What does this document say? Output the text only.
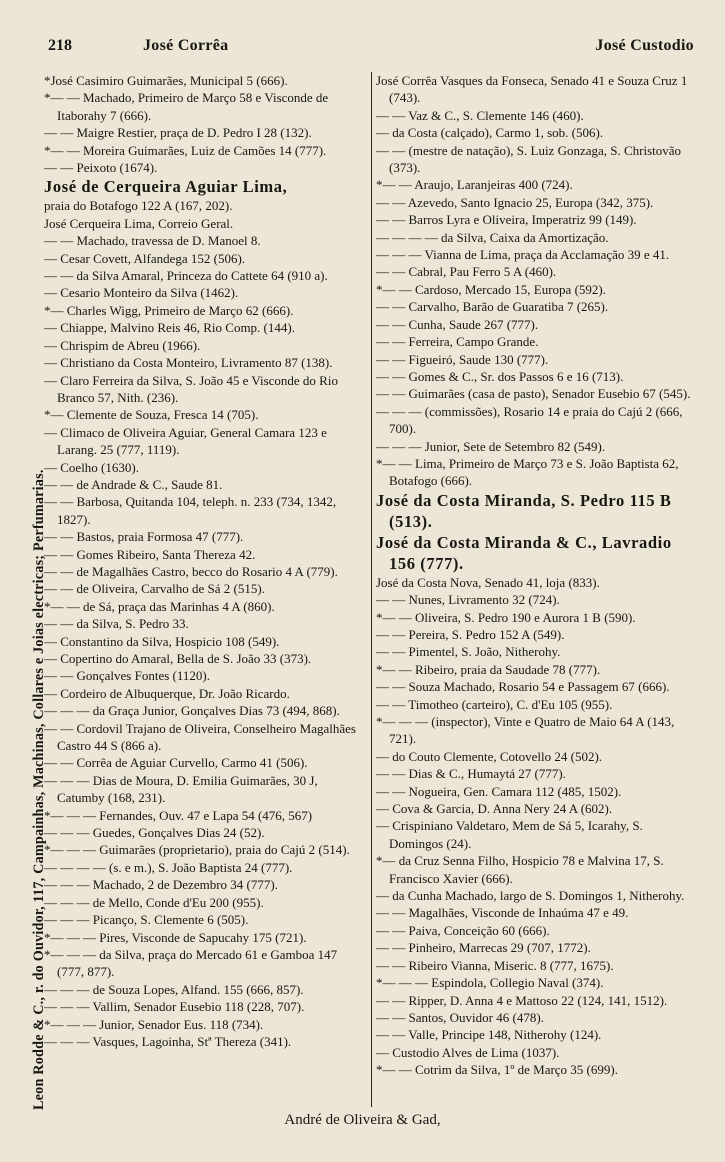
Leon Rodde & C., r. do Ouvidor, 117, Campainhas, Machinas, Collares e Joias electricas; Perfumarias.
218	José Corrêa	José Custodio
*José Casimiro Guimarães, Municipal 5 (666).
*— — Machado, Primeiro de Março 58 e Visconde de Itaborahy 7 (666).
— — Maigre Restier, praça de D. Pedro I 28 (132).
*— — Moreira Guimarães, Luiz de Camões 14 (777).
— — Peixoto (1674).
José de Cerqueira Aguiar Lima,
praia do Botafogo 122 A (167, 202).
José Cerqueira Lima, Correio Geral.
— — Machado, travessa de D. Manoel 8.
— Cesar Covett, Alfandega 152 (506).
— — da Silva Amaral, Princeza do Cattete 64 (910 a).
— Cesario Monteiro da Silva (1462).
*— Charles Wigg, Primeiro de Março 62 (666).
— Chiappe, Malvino Reis 46, Rio Comp. (144).
— Chrispim de Abreu (1966).
— Christiano da Costa Monteiro, Livramento 87 (138).
— Claro Ferreira da Silva, S. João 45 e Visconde do Rio Branco 57, Nith. (236).
*— Clemente de Souza, Fresca 14 (705).
— Climaco de Oliveira Aguiar, General Camara 123 e Larang. 25 (777, 1119).
— Coelho (1630).
— — de Andrade & C., Saude 81.
— — Barbosa, Quitanda 104, teleph. n. 233 (734, 1342, 1827).
— — Bastos, praia Formosa 47 (777).
— — Gomes Ribeiro, Santa Thereza 42.
— — de Magalhães Castro, becco do Rosario 4 A (779).
— — de Oliveira, Carvalho de Sá 2 (515).
*— — de Sá, praça das Marinhas 4 A (860).
— — da Silva, S. Pedro 33.
— Constantino da Silva, Hospicio 108 (549).
— Copertino do Amaral, Bella de S. João 33 (373).
— — Gonçalves Fontes (1120).
— Cordeiro de Albuquerque, Dr. João Ricardo.
— — — da Graça Junior, Gonçalves Dias 73 (494, 868).
— — Cordovil Trajano de Oliveira, Conselheiro Magalhães Castro 44 S (866 a).
— — Corrêa de Aguiar Curvello, Carmo 41 (506).
— — — Dias de Moura, D. Emilia Guimarães, 30 J, Catumby (168, 231).
*— — — Fernandes, Ouv. 47 e Lapa 54 (476, 567)
— — — Guedes, Gonçalves Dias 24 (52).
*— — — Guimarães (proprietario), praia do Cajú 2 (514).
— — — — (s. e m.), S. João Baptista 24 (777).
— — — Machado, 2 de Dezembro 34 (777).
— — — de Mello, Conde d'Eu 200 (955).
— — — Picanço, S. Clemente 6 (505).
*— — — Pires, Visconde de Sapucahy 175 (721).
*— — — da Silva, praça do Mercado 61 e Gamboa 147 (777, 877).
— — — de Souza Lopes, Alfand. 155 (666, 857).
— — — Vallim, Senador Eusebio 118 (228, 707).
*— — — Junior, Senador Eus. 118 (734).
— — — Vasques, Lagoinha, Stª Thereza (341).
José Corrêa Vasques da Fonseca, Senado 41 e Souza Cruz 1 (743).
— — Vaz & C., S. Clemente 146 (460).
— da Costa (calçado), Carmo 1, sob. (506).
— — (mestre de natação), S. Luiz Gonzaga, S. Christovão (373).
*— — Araujo, Laranjeiras 400 (724).
— — Azevedo, Santo Ignacio 25, Europa (342, 375).
— — Barros Lyra e Oliveira, Imperatriz 99 (149).
— — — — da Silva, Caixa da Amortização.
— — — Vianna de Lima, praça da Acclamação 39 e 41.
— — Cabral, Pau Ferro 5 A (460).
*— — Cardoso, Mercado 15, Europa (592).
— — Carvalho, Barão de Guaratiba 7 (265).
— — Cunha, Saude 267 (777).
— — Ferreira, Campo Grande.
— — Figueiró, Saude 130 (777).
— — Gomes & C., Sr. dos Passos 6 e 16 (713).
— — Guimarães (casa de pasto), Senador Eusebio 67 (545).
— — — (commissões), Rosario 14 e praia do Cajú 2 (666, 700).
— — — Junior, Sete de Setembro 82 (549).
*— — Lima, Primeiro de Março 73 e S. João Baptista 62, Botafogo (666).
José da Costa Miranda, S. Pedro 115 B (513).
José da Costa Miranda & C., Lavradio 156 (777).
José da Costa Nova, Senado 41, loja (833).
— — Nunes, Livramento 32 (724).
*— — Oliveira, S. Pedro 190 e Aurora 1 B (590).
— — Pereira, S. Pedro 152 A (549).
— — Pimentel, S. João, Nitherohy.
*— — Ribeiro, praia da Saudade 78 (777).
— — Souza Machado, Rosario 54 e Passagem 67 (666).
— — Timotheo (carteiro), C. d'Eu 105 (955).
*— — — (inspector), Vinte e Quatro de Maio 64 A (143, 721).
— do Couto Clemente, Cotovello 24 (502).
— — Dias & C., Humaytá 27 (777).
— — Nogueira, Gen. Camara 112 (485, 1502).
— Cova & Garcia, D. Anna Nery 24 A (602).
— Crispiniano Valdetaro, Mem de Sá 5, Icarahy, S. Domingos (24).
*— da Cruz Senna Filho, Hospicio 78 e Malvina 17, S. Francisco Xavier (666).
— da Cunha Machado, largo de S. Domingos 1, Nitherohy.
— — Magalhães, Visconde de Inhaúma 47 e 49.
— — Paiva, Conceição 60 (666).
— — Pinheiro, Marrecas 29 (707, 1772).
— — Ribeiro Vianna, Miseric. 8 (777, 1675).
*— — — Espindola, Collegio Naval (374).
— — Ripper, D. Anna 4 e Mattoso 22 (124, 141, 1512).
— — Santos, Ouvidor 46 (478).
— — Valle, Principe 148, Nitherohy (124).
— Custodio Alves de Lima (1037).
*— — Cotrim da Silva, 1º de Março 35 (699).
André de Oliveira & Gad,
